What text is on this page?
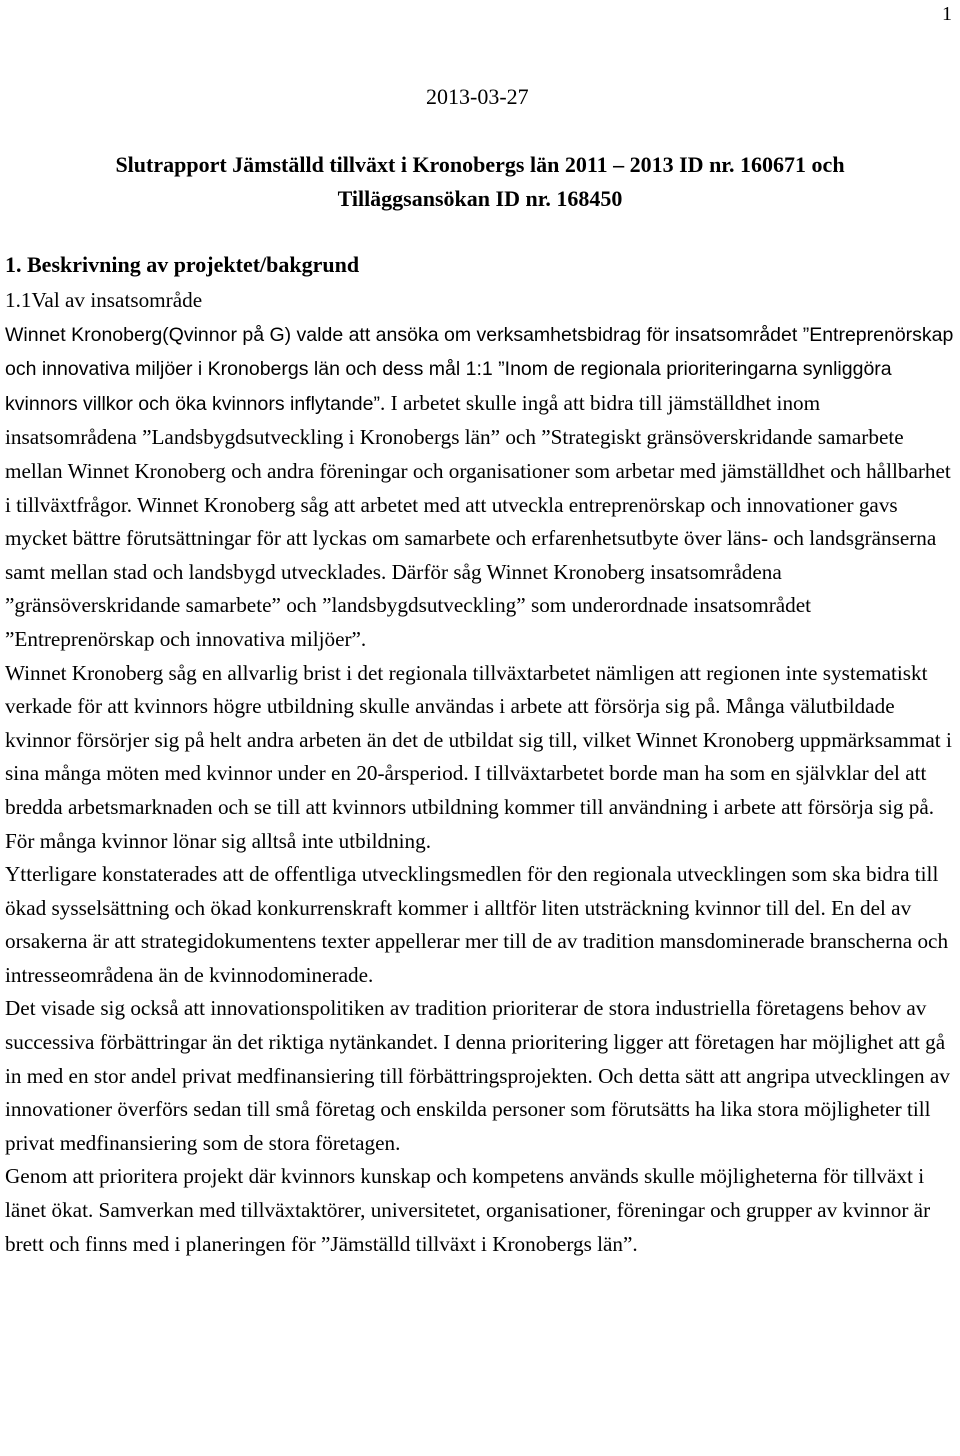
1
2013-03-27
Slutrapport Jämställd tillväxt i Kronobergs län 2011 – 2013 ID nr. 160671 och
Tilläggsansökan ID nr. 168450
1. Beskrivning av projektet/bakgrund

1.1Val av insatsområde

Winnet Kronoberg(Qvinnor på G) valde att ansöka om verksamhetsbidrag för insatsområdet ”Entreprenörskap och innovativa miljöer i Kronobergs län och dess mål 1:1 ”Inom de regionala prioriteringarna synliggöra kvinnors villkor och öka kvinnors inflytande”. I arbetet skulle ingå att bidra till jämställdhet inom insatsområdena ”Landsbygdsutveckling i Kronobergs län” och ”Strategiskt gränsöverskridande samarbete mellan Winnet Kronoberg och andra föreningar och organisationer som arbetar med jämställdhet och hållbarhet i tillväxtfrågor. Winnet Kronoberg såg att arbetet med att utveckla entreprenörskap och innovationer gavs mycket bättre förutsättningar för att lyckas om samarbete och erfarenhetsutbyte över läns- och landsgränserna samt mellan stad och landsbygd utvecklades. Därför såg Winnet Kronoberg insatsområdena ”gränsöverskridande samarbete” och ”landsbygdsutveckling” som underordnade insatsområdet ”Entreprenörskap och innovativa miljöer”.

Winnet Kronoberg såg en allvarlig brist i det regionala tillväxtarbetet nämligen att regionen inte systematiskt verkade för att kvinnors högre utbildning skulle användas i arbete att försörja sig på. Många välutbildade kvinnor försörjer sig på helt andra arbeten än det de utbildat sig till, vilket Winnet Kronoberg uppmärksammat i sina många möten med kvinnor under en 20-årsperiod. I tillväxtarbetet borde man ha som en självklar del att bredda arbetsmarknaden och se till att kvinnors utbildning kommer till användning i arbete att försörja sig på. För många kvinnor lönar sig alltså inte utbildning.

Ytterligare konstaterades att de offentliga utvecklingsmedlen för den regionala utvecklingen som ska bidra till ökad sysselsättning och ökad konkurrenskraft kommer i alltför liten utsträckning kvinnor till del. En del av orsakerna är att strategidokumentens texter appellerar mer till de av tradition mansdominerade branscherna och intresseområdena än de kvinnodominerade.

Det visade sig också att innovationspolitiken av tradition prioriterar de stora industriella företagens behov av successiva förbättringar än det riktiga nytänkandet. I denna prioritering ligger att företagen har möjlighet att gå in med en stor andel privat medfinansiering till förbättringsprojekten. Och detta sätt att angripa utvecklingen av innovationer överförs sedan till små företag och enskilda personer som förutsätts ha lika stora möjligheter till privat medfinansiering som de stora företagen.

Genom att prioritera projekt där kvinnors kunskap och kompetens används skulle möjligheterna för tillväxt i länet ökat. Samverkan med tillväxtaktörer, universitetet, organisationer, föreningar och grupper av kvinnor är brett och finns med i planeringen för ”Jämställd tillväxt i Kronobergs län”.
